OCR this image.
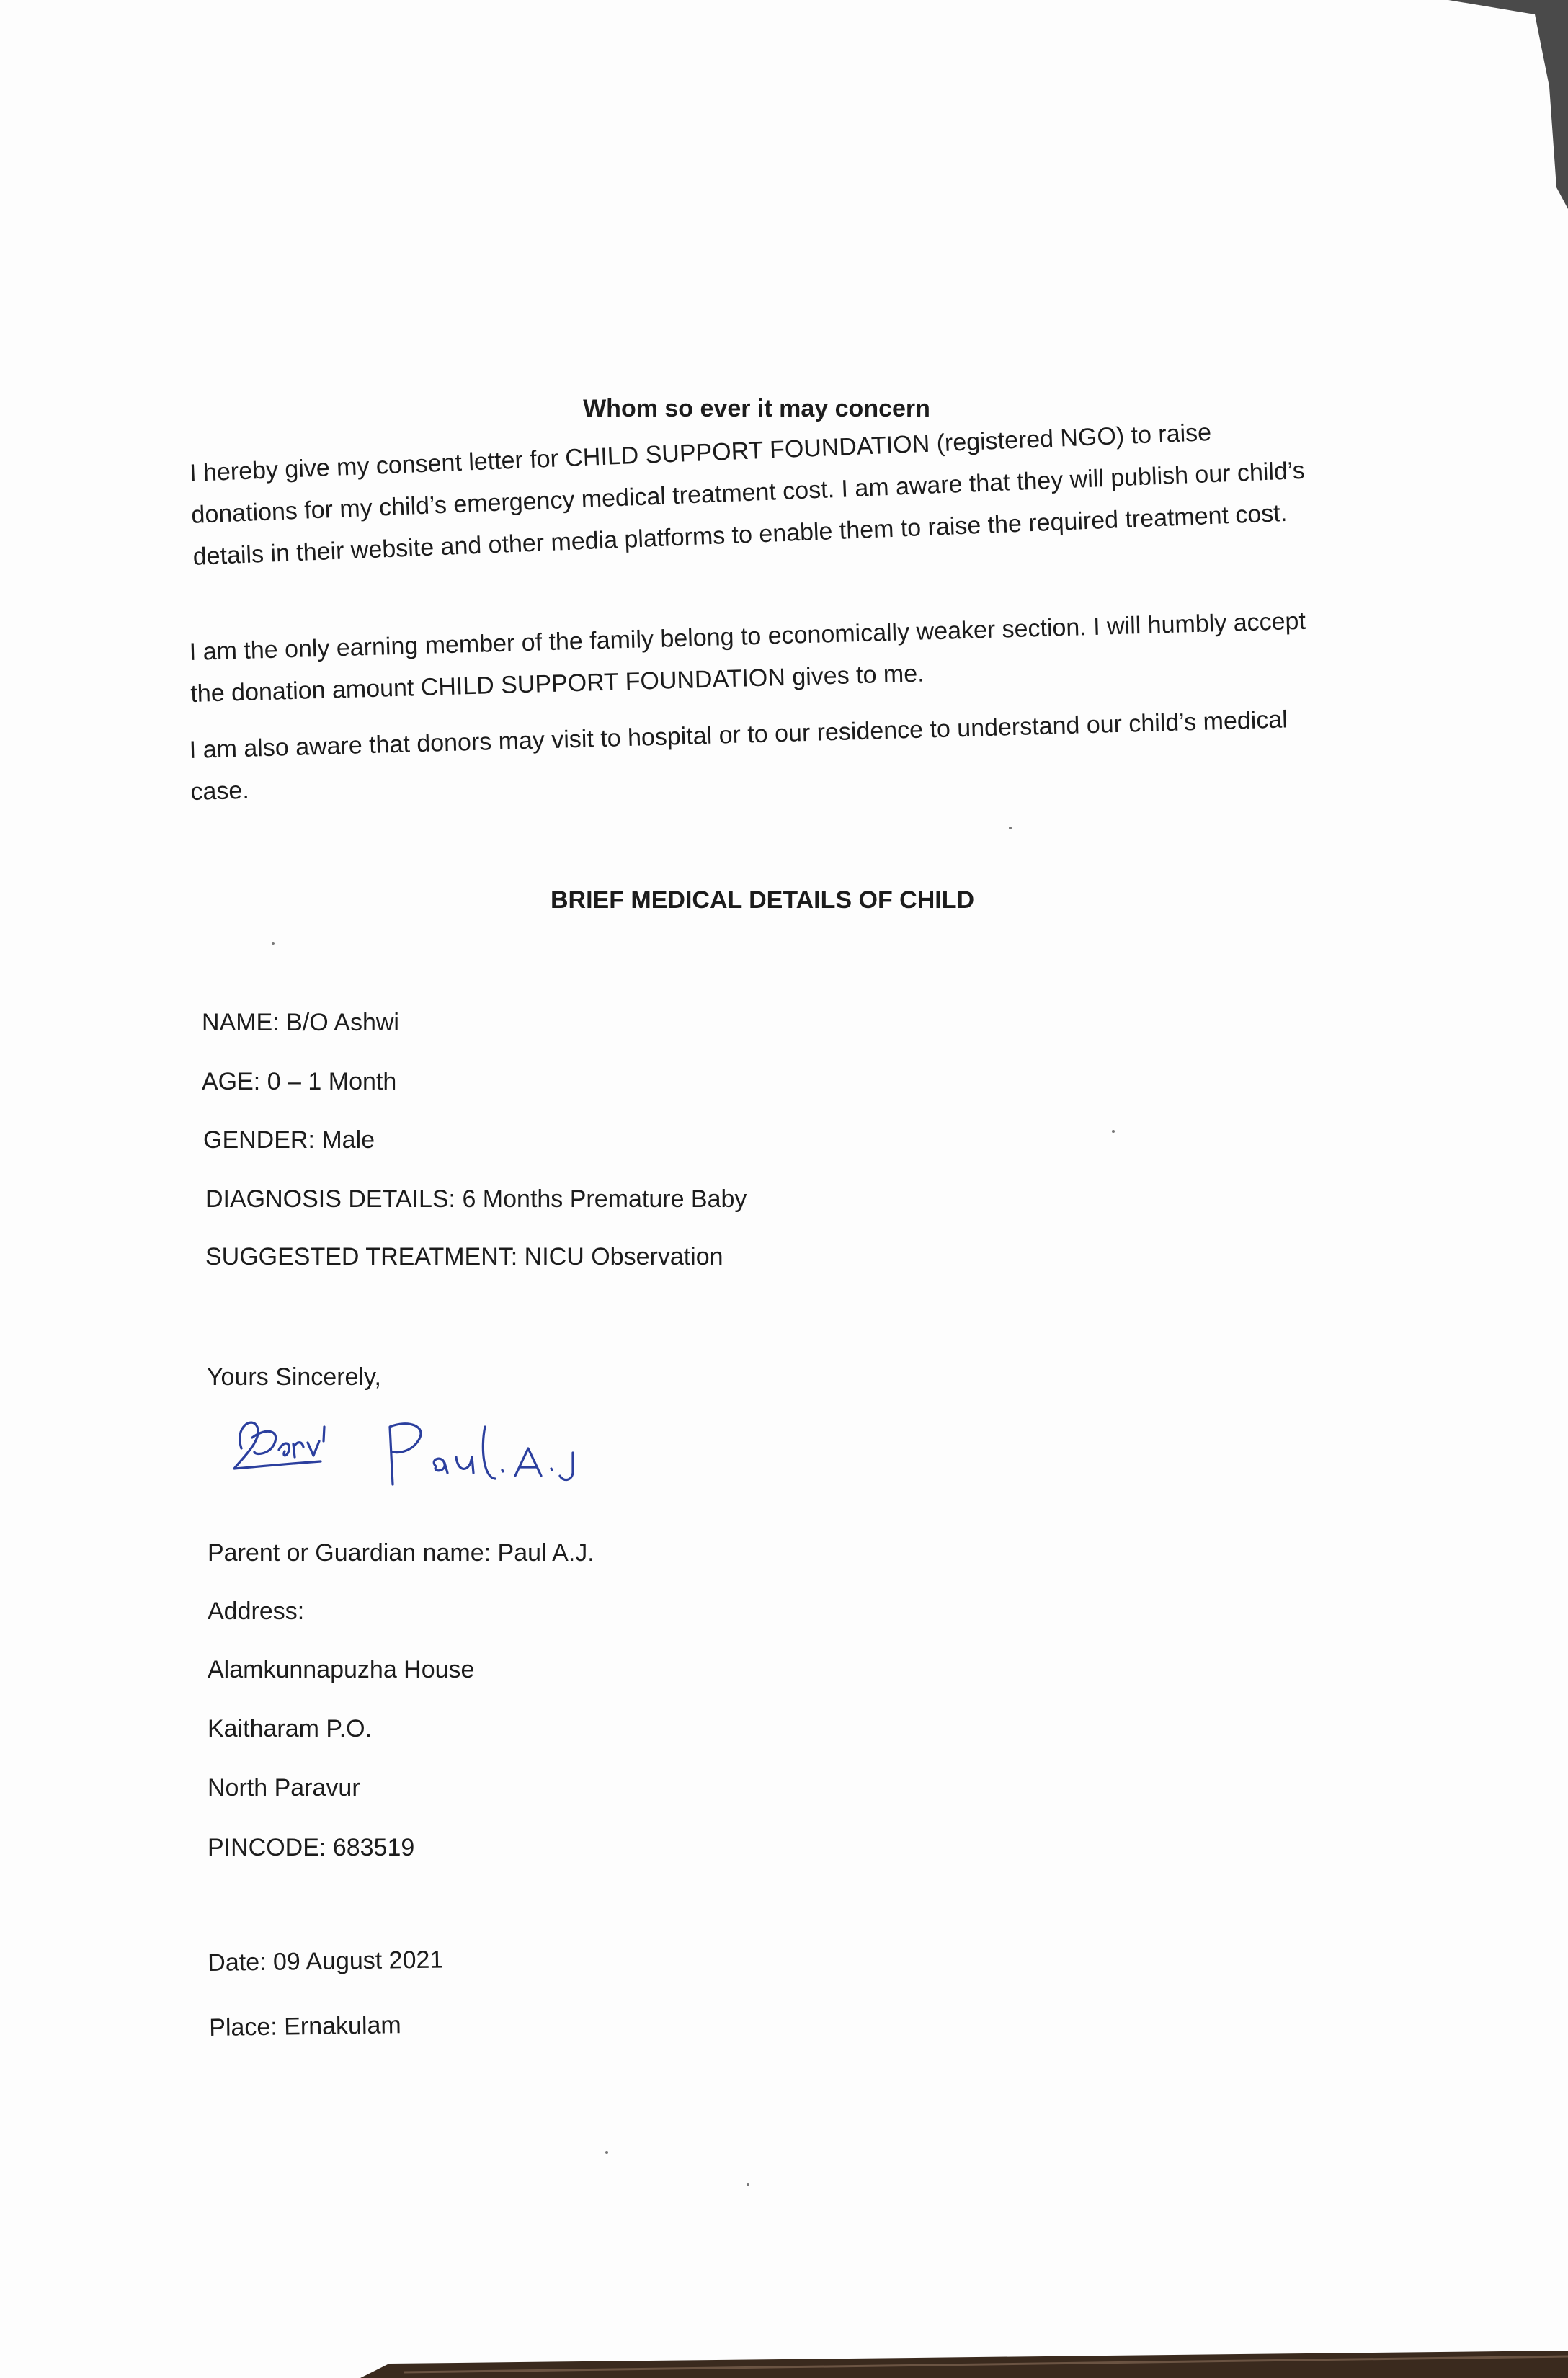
Whom so ever it may concern

I hereby give my consent letter for CHILD SUPPORT FOUNDATION (registered NGO) to raise donations for my child’s emergency medical treatment cost. I am aware that they will publish our child’s details in their website and other media platforms to enable them to raise the required treatment cost.

I am the only earning member of the family belong to economically weaker section. I will humbly accept the donation amount CHILD SUPPORT FOUNDATION gives to me.

I am also aware that donors may visit to hospital or to our residence to understand our child’s medical case.

BRIEF MEDICAL DETAILS OF CHILD
NAME: B/O Ashwi
AGE: 0 – 1 Month
GENDER: Male
DIAGNOSIS DETAILS: 6 Months Premature Baby
SUGGESTED TREATMENT: NICU Observation
Yours Sincerely,
Parent or Guardian name: Paul A.J.
Address:
Alamkunnapuzha House
Kaitharam P.O.
North Paravur
PINCODE: 683519
Date: 09 August 2021
Place: Ernakulam
